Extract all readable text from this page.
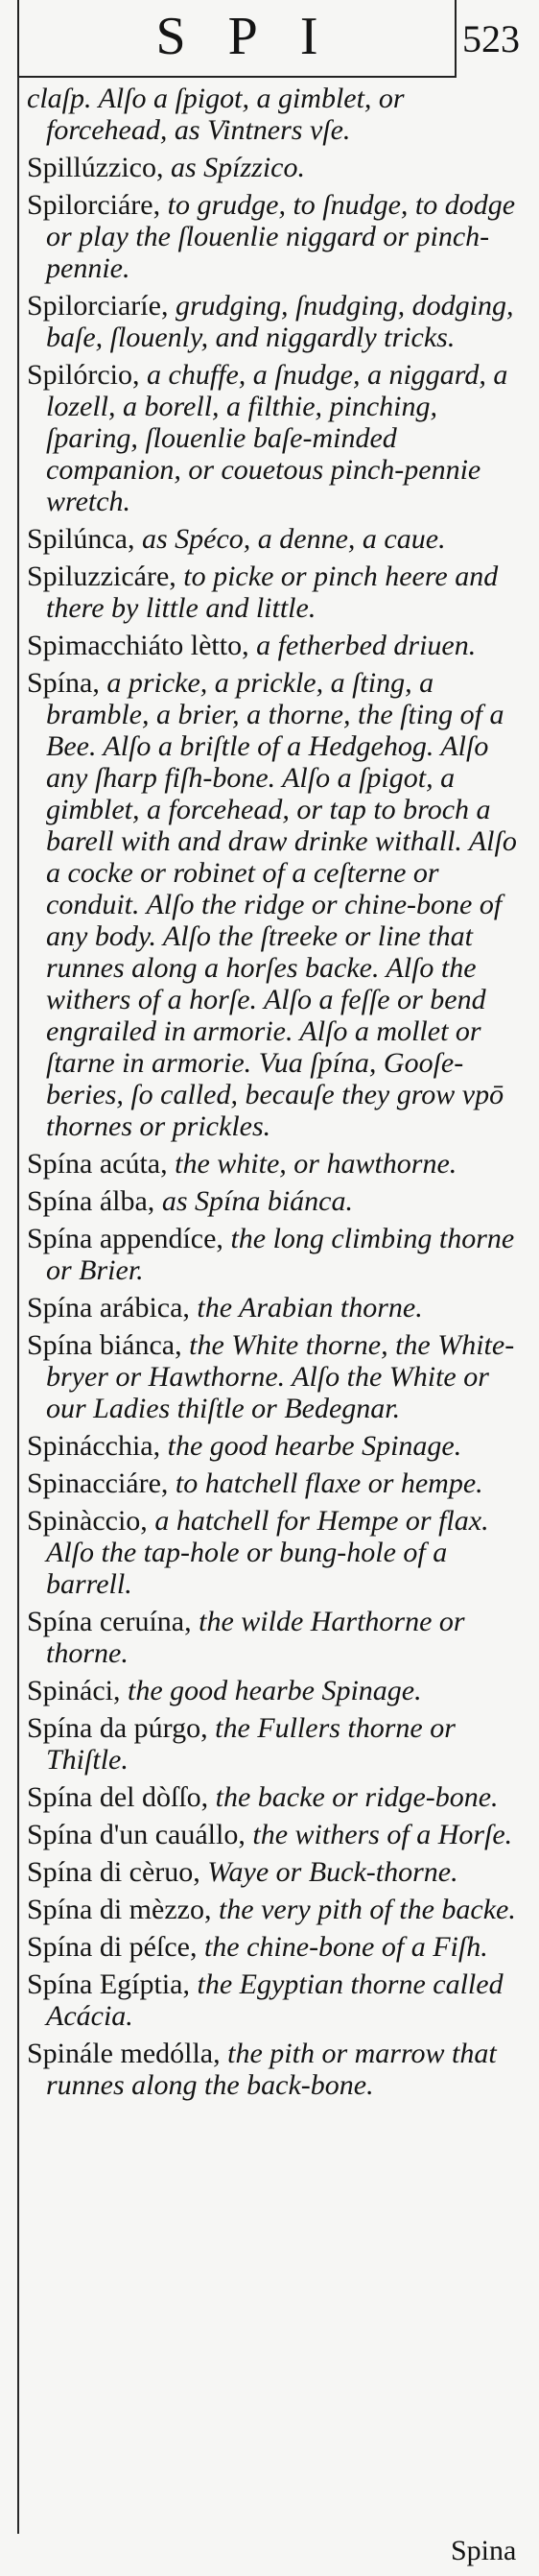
SPI	523
claſp. Alſo a ſpigot, a gimblet, or forcehead, as Vintners vſe.
Spillúzzico, as Spízzico.
Spilorciáre, to grudge, to ſnudge, to dodge or play the ſlouenlie niggard or pinch-pennie.
Spilorciaríe, grudging, ſnudging, dodging, baſe, ſlouenly, and niggardly tricks.
Spilórcio, a chuffe, a ſnudge, a niggard, a lozell, a borell, a filthie, pinching, ſparing, ſlouenlie baſe-minded companion, or couetous pinch-pennie wretch.
Spilúnca, as Spéco, a denne, a caue.
Spiluzzicáre, to picke or pinch heere and there by little and little.
Spimacchiáto lètto, a fetherbed driuen.
Spína, a pricke, a prickle, a ſting, a bramble, a brier, a thorne, the ſting of a Bee. Alſo a briſtle of a Hedgehog. Alſo any ſharp fiſh-bone. Alſo a ſpigot, a gimblet, a forcehead, or tap to broch a barell with and draw drinke withall. Alſo a cocke or robinet of a ceſterne or conduit. Alſo the ridge or chine-bone of any body. Alſo the ſtreeke or line that runnes along a horſes backe. Alſo the withers of a horſe. Alſo a feſſe or bend engrailed in armorie. Alſo a mollet or ſtarne in armorie. Vua ſpína, Gooſe-beries, ſo called, becauſe they grow vpō thornes or prickles.
Spína acúta, the white, or hawthorne.
Spína álba, as Spína biánca.
Spína appendíce, the long climbing thorne or Brier.
Spína arábica, the Arabian thorne.
Spína biánca, the White thorne, the White-bryer or Hawthorne. Alſo the White or our Ladies thiſtle or Bedegnar.
Spinácchia, the good hearbe Spinage.
Spinacciáre, to hatchell flaxe or hempe.
Spinàccio, a hatchell for Hempe or flax. Alſo the tap-hole or bung-hole of a barrell.
Spína ceruína, the wilde Harthorne or thorne.
Spináci, the good hearbe Spinage.
Spína da púrgo, the Fullers thorne or Thiſtle.
Spína del dòſſo, the backe or ridge-bone.
Spína d'un cauállo, the withers of a Horſe.
Spína di cèruo, Waye or Buck-thorne.
Spína di mèzzo, the very pith of the backe.
Spína di péſce, the chine-bone of a Fiſh.
Spína Egíptia, the Egyptian thorne called Acácia.
Spinále medólla, the pith or marrow that runnes along the back-bone.
Spina
